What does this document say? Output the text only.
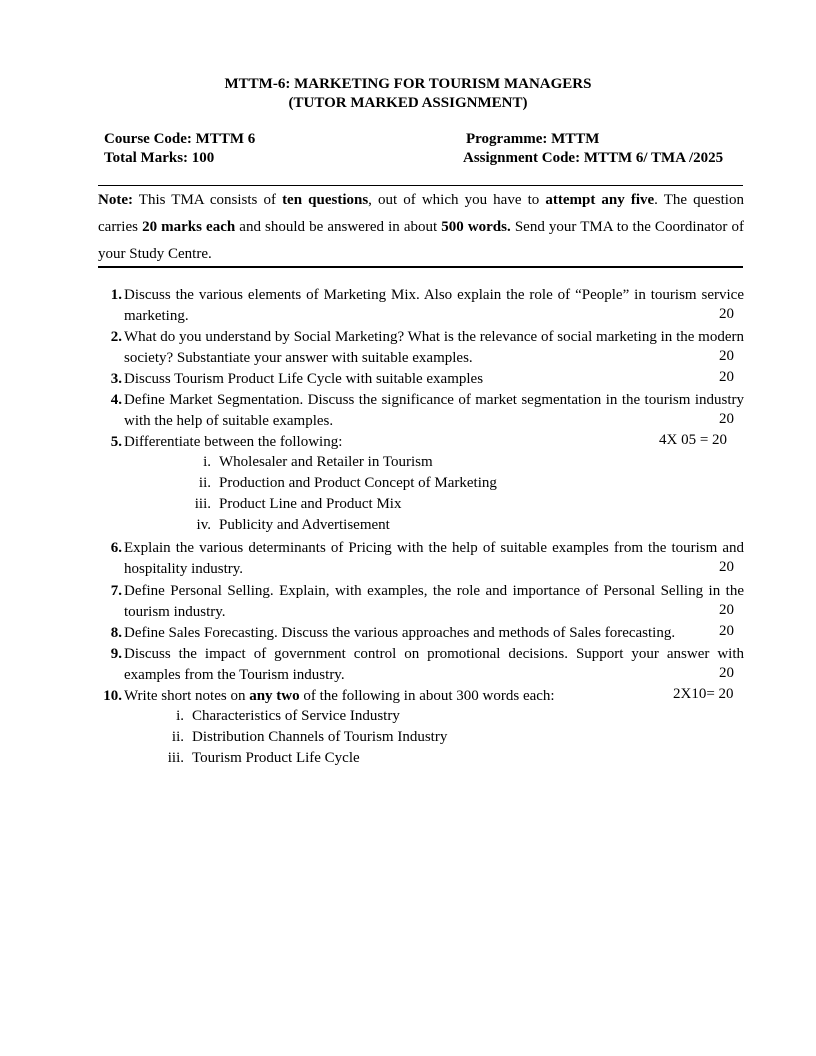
MTTM-6: MARKETING FOR TOURISM MANAGERS
(TUTOR MARKED ASSIGNMENT)
Course Code: MTTM 6	Programme: MTTM
Total Marks: 100	Assignment Code: MTTM 6/ TMA /2025
Note: This TMA consists of ten questions, out of which you have to attempt any five. The question carries 20 marks each and should be answered in about 500 words. Send your TMA to the Coordinator of your Study Centre.
1. Discuss the various elements of Marketing Mix. Also explain the role of “People” in tourism service marketing.	20
2. What do you understand by Social Marketing? What is the relevance of social marketing in the modern society? Substantiate your answer with suitable examples.	20
3. Discuss Tourism Product Life Cycle with suitable examples	20
4. Define Market Segmentation. Discuss the significance of market segmentation in the tourism industry with the help of suitable examples.	20
5. Differentiate between the following:	4X 05 = 20
i. Wholesaler and Retailer in Tourism
ii. Production and Product Concept of Marketing
iii. Product Line and Product Mix
iv. Publicity and Advertisement
6. Explain the various determinants of Pricing with the help of suitable examples from the tourism and hospitality industry.	20
7. Define Personal Selling. Explain, with examples, the role and importance of Personal Selling in the tourism industry.	20
8. Define Sales Forecasting. Discuss the various approaches and methods of Sales forecasting.	20
9. Discuss the impact of government control on promotional decisions. Support your answer with examples from the Tourism industry.	20
10. Write short notes on any two of the following in about 300 words each:	2X10= 20
i. Characteristics of Service Industry
ii. Distribution Channels of Tourism Industry
iii. Tourism Product Life Cycle
